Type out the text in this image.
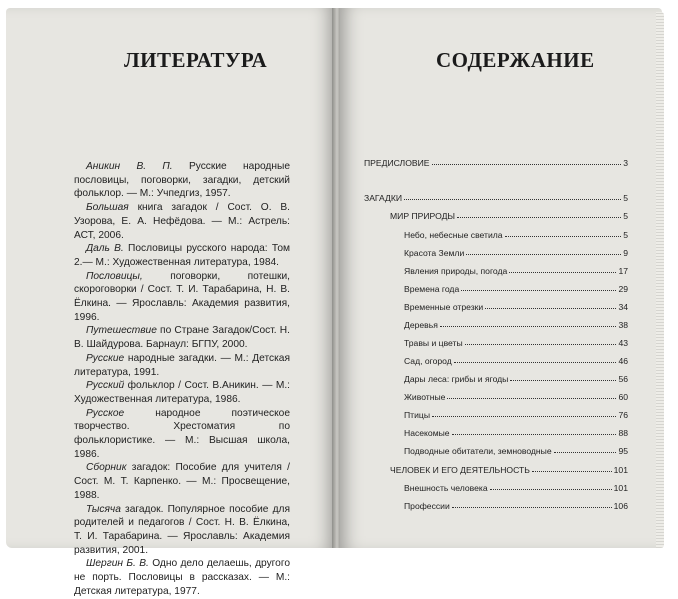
ЛИТЕРАТУРА

Аникин В. П. Русские народные пословицы, поговорки, загадки, детский фольклор. — М.: Учпедгиз, 1957.

Большая книга загадок / Сост. О. В. Узорова, Е. А. Нефёдова. — М.: Астрель: АСТ, 2006.

Даль В. Пословицы русского народа: Том 2.— М.: Художественная литература, 1984.

Пословицы, поговорки, потешки, скороговорки / Сост. Т. И. Тарабарина, Н. В. Ёлкина. — Ярославль: Академия развития, 1996.

Путешествие по Стране Загадок/Сост. Н. В. Шайдурова. Барнаул: БГПУ, 2000.

Русские народные загадки. — М.: Детская литература, 1991.

Русский фольклор / Сост. В.Аникин. — М.: Художественная литература, 1986.

Русское народное поэтическое творчество. Хрестоматия по фольклористике. — М.: Высшая школа, 1986.

Сборник загадок: Пособие для учителя / Сост. М. Т. Карпенко. — М.: Просвещение, 1988.

Тысяча загадок. Популярное пособие для родителей и педагогов / Сост. Н. В. Ёлкина, Т. И. Тарабарина. — Ярославль: Академия развития, 2001.

Шергин Б. В. Одно дело делаешь, другого не порть. Пословицы в рассказах. — М.: Детская литература, 1977.

СОДЕРЖАНИЕ
ПРЕДИСЛОВИЕ	3
ЗАГАДКИ	5
МИР ПРИРОДЫ	5
Небо, небесные светила	5
Красота Земли	9
Явления природы, погода	17
Времена года	29
Временные отрезки	34
Деревья	38
Травы и цветы	43
Сад, огород	46
Дары леса: грибы и ягоды	56
Животные	60
Птицы	76
Насекомые	88
Подводные обитатели, земноводные	95
ЧЕЛОВЕК И ЕГО ДЕЯТЕЛЬНОСТЬ	101
Внешность человека	101
Профессии	106
